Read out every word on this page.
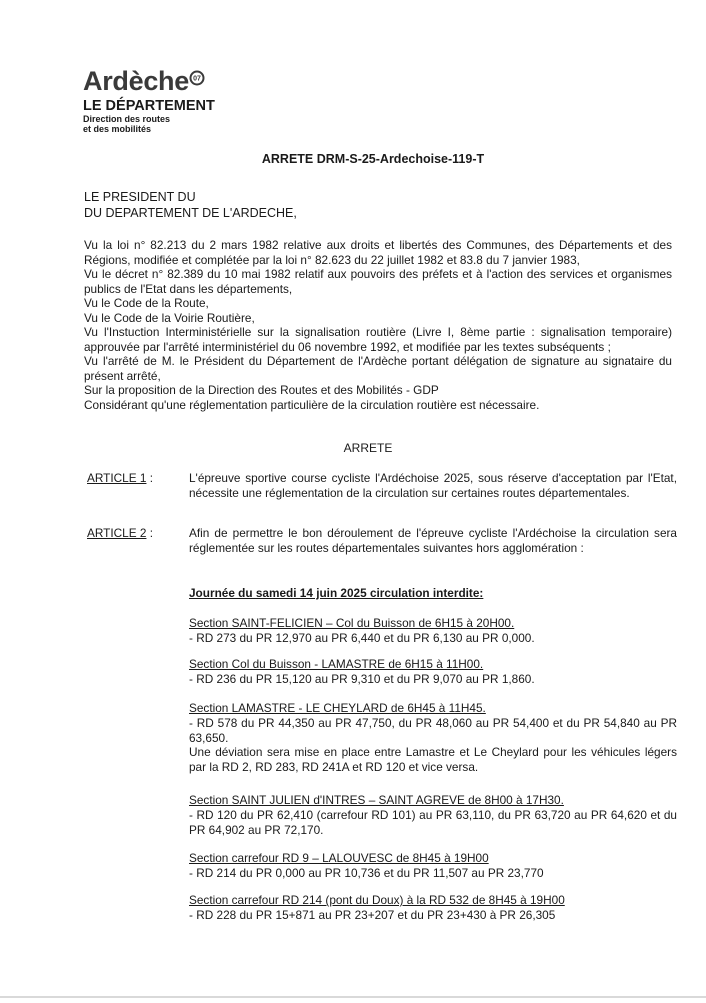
Ardèche 07
LE DÉPARTEMENT
Direction des routes
et des mobilités
ARRETE DRM-S-25-Ardechoise-119-T
LE PRESIDENT DU
DU DEPARTEMENT DE L'ARDECHE,

Vu la loi n° 82.213 du 2 mars 1982 relative aux droits et libertés des Communes, des Départements et des Régions, modifiée et complétée par la loi n° 82.623 du 22 juillet 1982 et 83.8 du 7 janvier 1983,

Vu le décret n° 82.389 du 10 mai 1982 relatif aux pouvoirs des préfets et à l'action des services et organismes publics de l'Etat dans les départements,

Vu le Code de la Route,

Vu le Code de la Voirie Routière,

Vu l'Instuction Interministérielle sur la signalisation routière (Livre I, 8ème partie : signalisation temporaire) approuvée par l'arrêté interministériel du 06 novembre 1992, et modifiée par les textes subséquents ;

Vu l'arrêté de M. le Président du Département de l'Ardèche portant délégation de signature au signataire du présent arrêté,

Sur la proposition de la Direction des Routes et des Mobilités - GDP

Considérant qu'une réglementation particulière de la circulation routière est nécessaire.

ARRETE
ARTICLE 1 :	L'épreuve sportive course cycliste l'Ardéchoise 2025, sous réserve d'acceptation par l'Etat, nécessite une réglementation de la circulation sur certaines routes départementales.
ARTICLE 2 :	Afin de permettre le bon déroulement de l'épreuve cycliste l'Ardéchoise la circulation sera réglementée sur les routes départementales suivantes hors agglomération :
Journée du samedi 14 juin 2025 circulation interdite:
Section SAINT-FELICIEN – Col du Buisson de 6H15 à 20H00.
- RD 273 du PR 12,970 au PR 6,440 et du PR 6,130 au PR 0,000.
Section Col du Buisson - LAMASTRE de 6H15 à 11H00.
- RD 236 du PR 15,120 au PR 9,310 et du PR 9,070 au PR 1,860.
Section LAMASTRE - LE CHEYLARD de 6H45 à 11H45.
- RD 578 du PR 44,350 au PR 47,750, du PR 48,060 au PR 54,400 et du PR 54,840 au PR 63,650.
Une déviation sera mise en place entre Lamastre et Le Cheylard pour les véhicules légers par la RD 2, RD 283, RD 241A et RD 120 et vice versa.
Section SAINT JULIEN d'INTRES – SAINT AGREVE de 8H00 à 17H30.
- RD 120 du PR 62,410 (carrefour RD 101) au PR 63,110, du PR 63,720 au PR 64,620 et du PR 64,902 au PR 72,170.
Section carrefour RD 9 – LALOUVESC de 8H45 à 19H00
- RD 214 du PR 0,000 au PR 10,736 et du PR 11,507 au PR 23,770
Section carrefour RD 214 (pont du Doux) à la RD 532 de 8H45 à 19H00
- RD 228 du PR 15+871 au PR 23+207 et du PR 23+430 à PR 26,305
